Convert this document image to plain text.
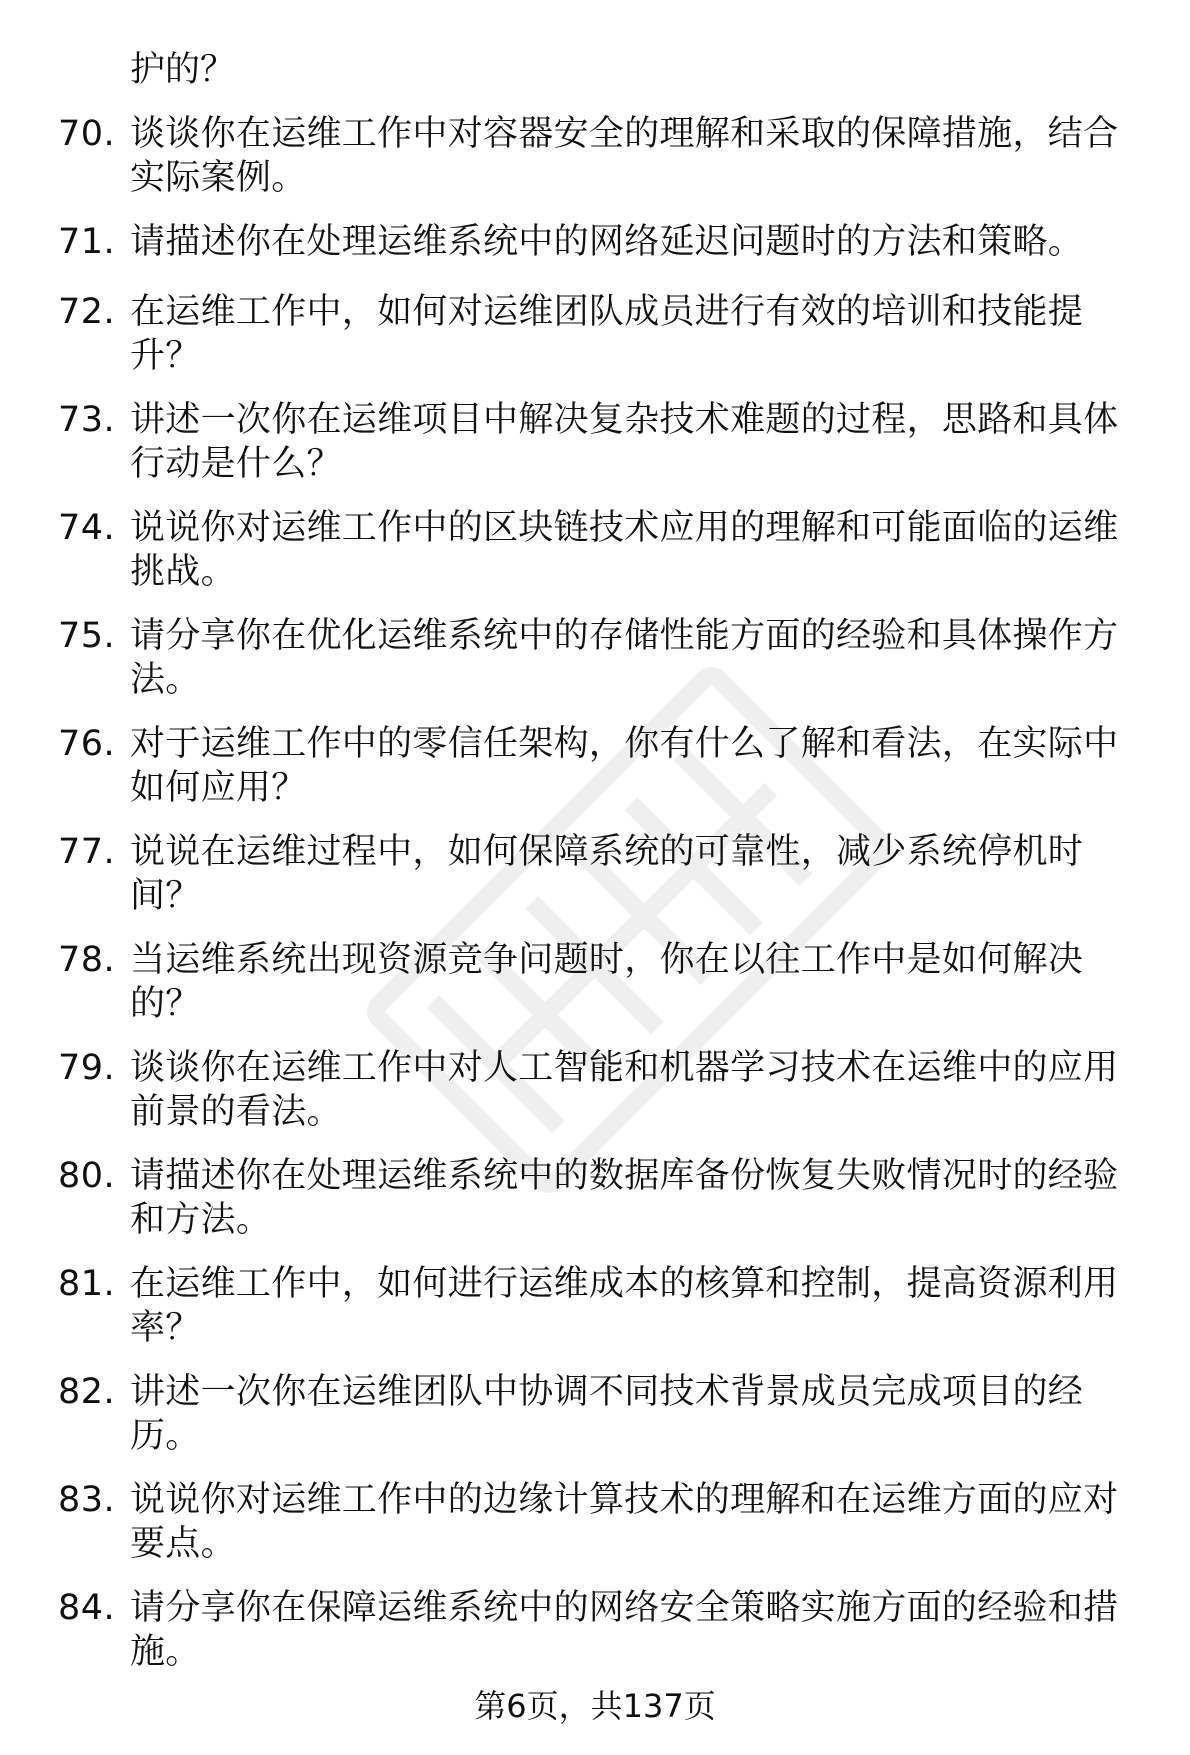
护的？
70. 谈谈你在运维工作中对容器安全的理解和采取的保障措施，结合实际案例。
71. 请描述你在处理运维系统中的网络延迟问题时的方法和策略。
72. 在运维工作中，如何对运维团队成员进行有效的培训和技能提升？
73. 讲述一次你在运维项目中解决复杂技术难题的过程，思路和具体行动是什么？
74. 说说你对运维工作中的区块链技术应用的理解和可能面临的运维挑战。
75. 请分享你在优化运维系统中的存储性能方面的经验和具体操作方法。
76. 对于运维工作中的零信任架构，你有什么了解和看法，在实际中如何应用？
77. 说说在运维过程中，如何保障系统的可靠性，减少系统停机时间？
78. 当运维系统出现资源竞争问题时，你在以往工作中是如何解决的？
79. 谈谈你在运维工作中对人工智能和机器学习技术在运维中的应用前景的看法。
80. 请描述你在处理运维系统中的数据库备份恢复失败情况时的经验和方法。
81. 在运维工作中，如何进行运维成本的核算和控制，提高资源利用率？
82. 讲述一次你在运维团队中协调不同技术背景成员完成项目的经历。
83. 说说你对运维工作中的边缘计算技术的理解和在运维方面的应对要点。
84. 请分享你在保障运维系统中的网络安全策略实施方面的经验和措施。
第6页，共137页
